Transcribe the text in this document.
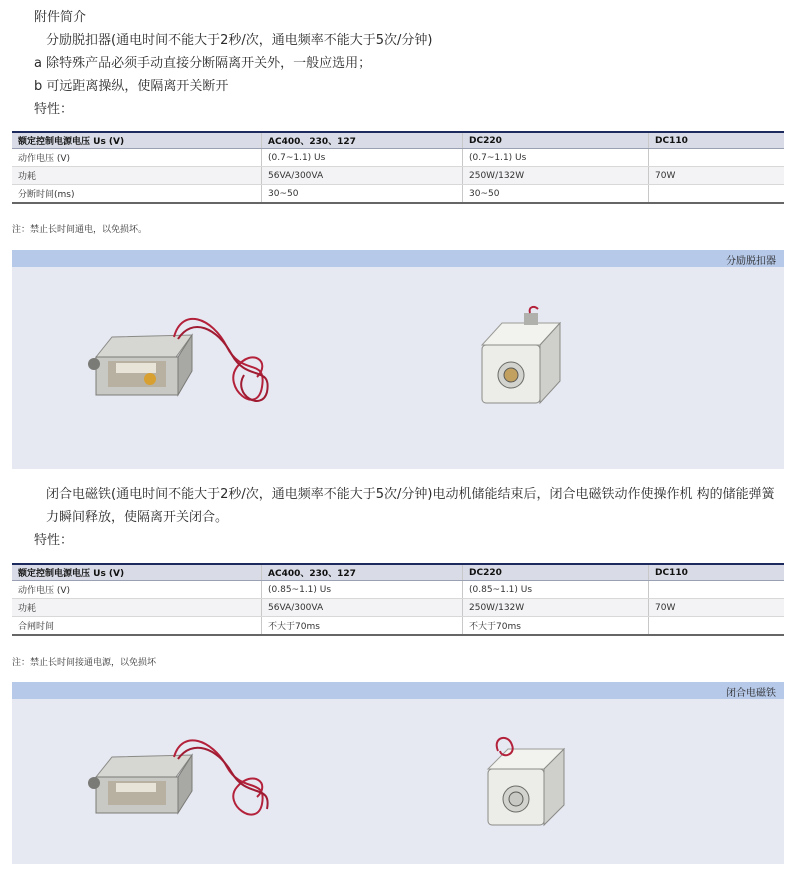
附件简介
分励脱扣器(通电时间不能大于2秒/次，通电频率不能大于5次/分钟)
a 除特殊产品必须手动直接分断隔离开关外，一般应选用；
b 可远距离操纵，使隔离开关断开
特性：
额定控制电源电压 Us (V)	AC400、230、127	DC220	DC110
动作电压 (V)	(0.7~1.1) Us	(0.7~1.1) Us	
功耗	56VA/300VA	250W/132W	70W
分断时间(ms)	30~50	30~50	
注：禁止长时间通电，以免损坏。
分励脱扣器
闭合电磁铁(通电时间不能大于2秒/次，通电频率不能大于5次/分钟)电动机储能结束后，闭合电磁铁动作使操作机 构的储能弹簧力瞬间释放，使隔离开关闭合。
特性：
额定控制电源电压 Us (V)	AC400、230、127	DC220	DC110
动作电压 (V)	(0.85~1.1) Us	(0.85~1.1) Us	
功耗	56VA/300VA	250W/132W	70W
合闸时间	不大于70ms	不大于70ms	
注：禁止长时间接通电源，以免损坏
闭合电磁铁
